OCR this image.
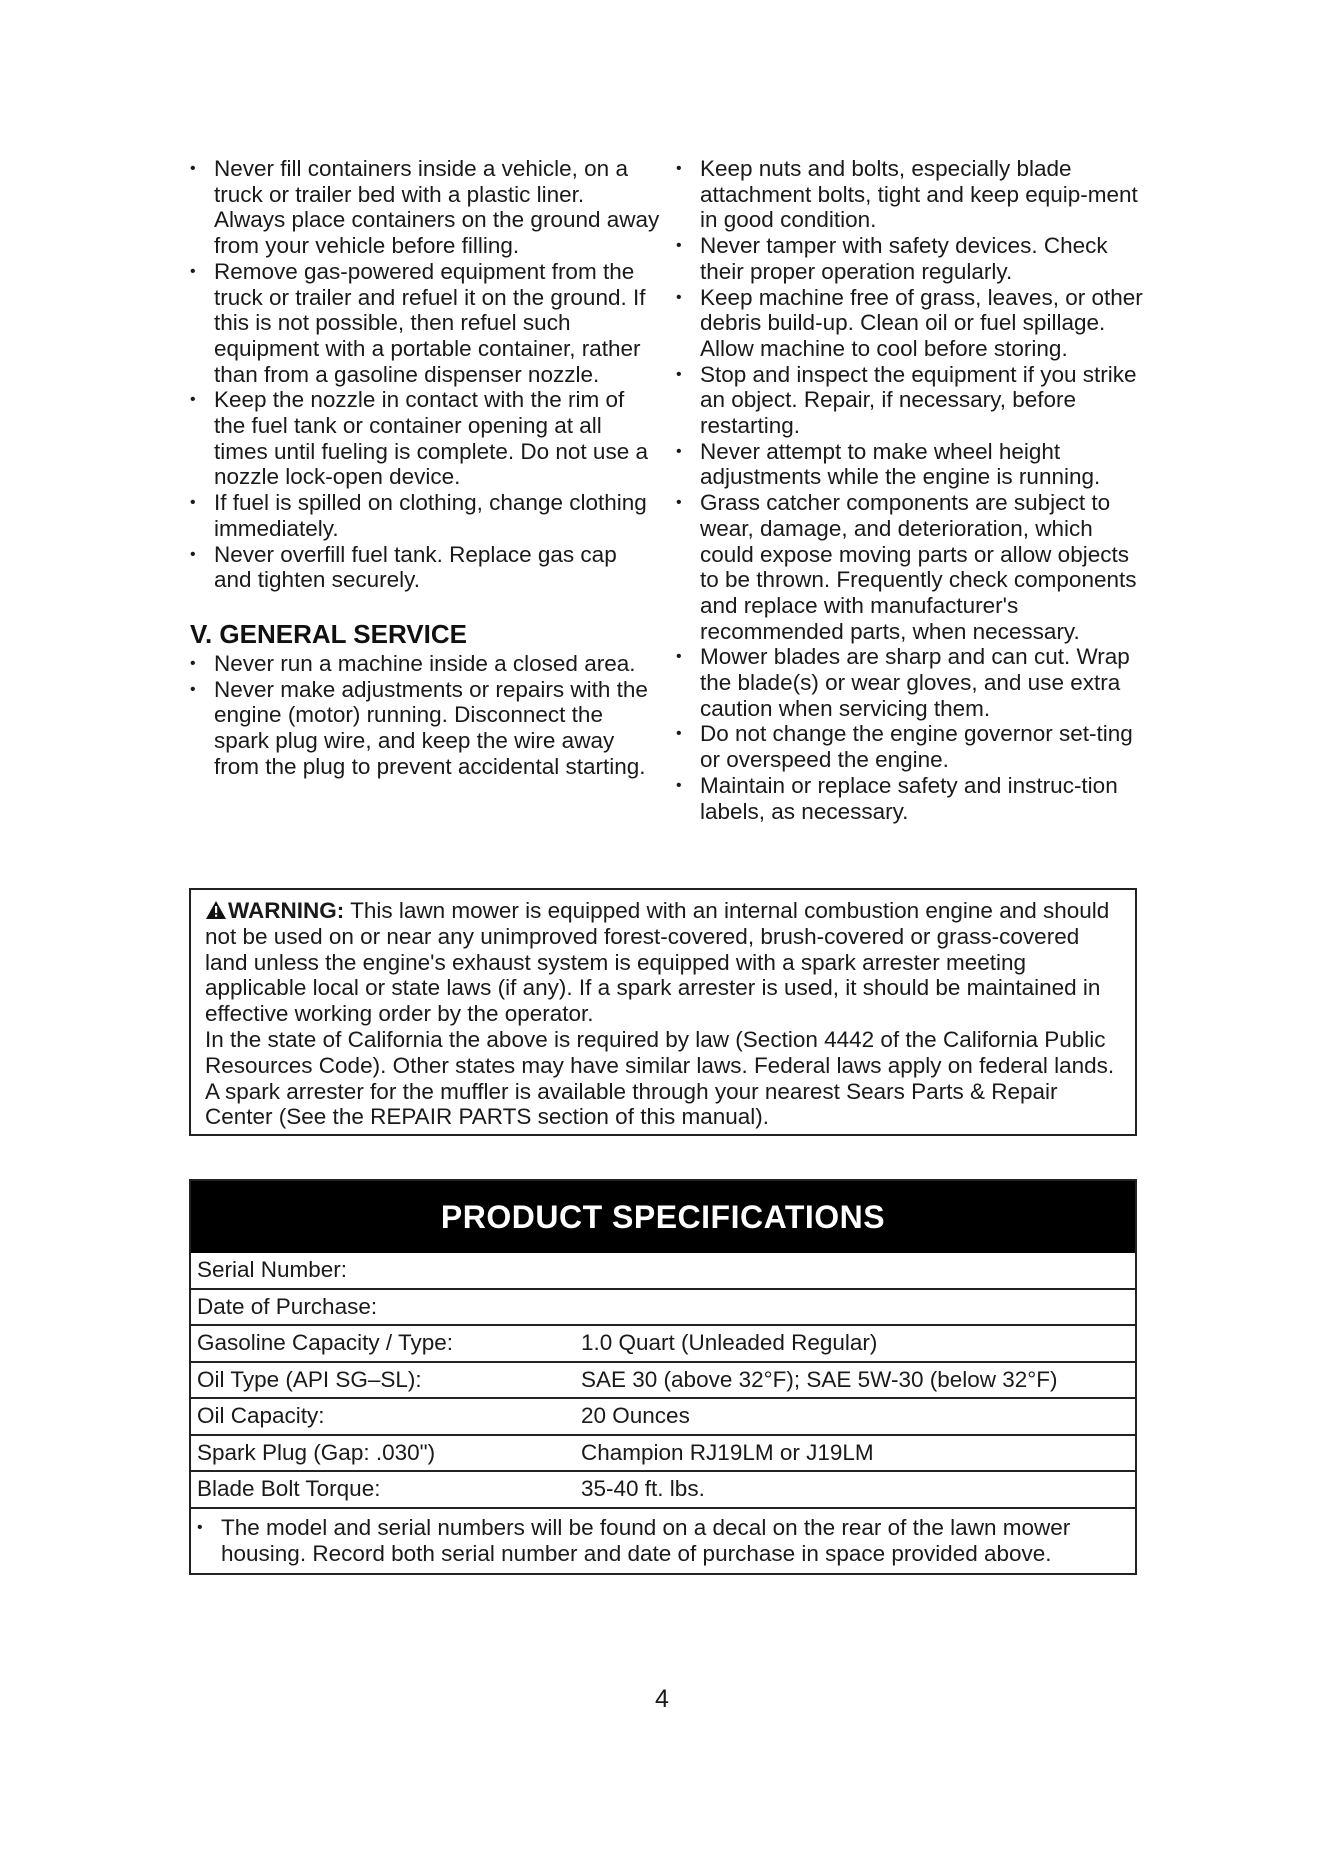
• Never fill containers inside a vehicle, on a truck or trailer bed with a plastic liner. Always place containers on the ground away from your vehicle before filling.
• Remove gas-powered equipment from the truck or trailer and refuel it on the ground. If this is not possible, then refuel such equipment with a portable container, rather than from a gasoline dispenser nozzle.
• Keep the nozzle in contact with the rim of the fuel tank or container opening at all times until fueling is complete. Do not use a nozzle lock-open device.
• If fuel is spilled on clothing, change clothing immediately.
• Never overfill fuel tank. Replace gas cap and tighten securely.
V. GENERAL SERVICE
• Never run a machine inside a closed area.
• Never make adjustments or repairs with the engine (motor) running. Disconnect the spark plug wire, and keep the wire away from the plug to prevent accidental starting.
• Keep nuts and bolts, especially blade attachment bolts, tight and keep equip-ment in good condition.
• Never tamper with safety devices. Check their proper operation regularly.
• Keep machine free of grass, leaves, or other debris build-up. Clean oil or fuel spillage. Allow machine to cool before storing.
• Stop and inspect the equipment if you strike an object. Repair, if necessary, before restarting.
• Never attempt to make wheel height adjustments while the engine is running.
• Grass catcher components are subject to wear, damage, and deterioration, which could expose moving parts or allow objects to be thrown. Frequently check components and replace with manufacturer's recommended parts, when necessary.
• Mower blades are sharp and can cut. Wrap the blade(s) or wear gloves, and use extra caution when servicing them.
• Do not change the engine governor set-ting or overspeed the engine.
• Maintain or replace safety and instruc-tion labels, as necessary.

WARNING: This lawn mower is equipped with an internal combustion engine and should not be used on or near any unimproved forest-covered, brush-covered or grass-covered land unless the engine's exhaust system is equipped with a spark arrester meeting applicable local or state laws (if any). If a spark arrester is used, it should be maintained in effective working order by the operator.

In the state of California the above is required by law (Section 4442 of the California Public Resources Code). Other states may have similar laws. Federal laws apply on federal lands. A spark arrester for the muffler is available through your nearest Sears Parts & Repair Center (See the REPAIR PARTS section of this manual).

PRODUCT SPECIFICATIONS
Serial Number:
Date of Purchase:
Gasoline Capacity / Type:	1.0 Quart (Unleaded Regular)
Oil Type (API SG–SL):	SAE 30 (above 32°F); SAE 5W-30 (below 32°F)
Oil Capacity:	20 Ounces
Spark Plug (Gap: .030")	Champion RJ19LM or J19LM
Blade Bolt Torque:	35-40 ft. lbs.
• The model and serial numbers will be found on a decal on the rear of the lawn mower housing. Record both serial number and date of purchase in space provided above.
4
